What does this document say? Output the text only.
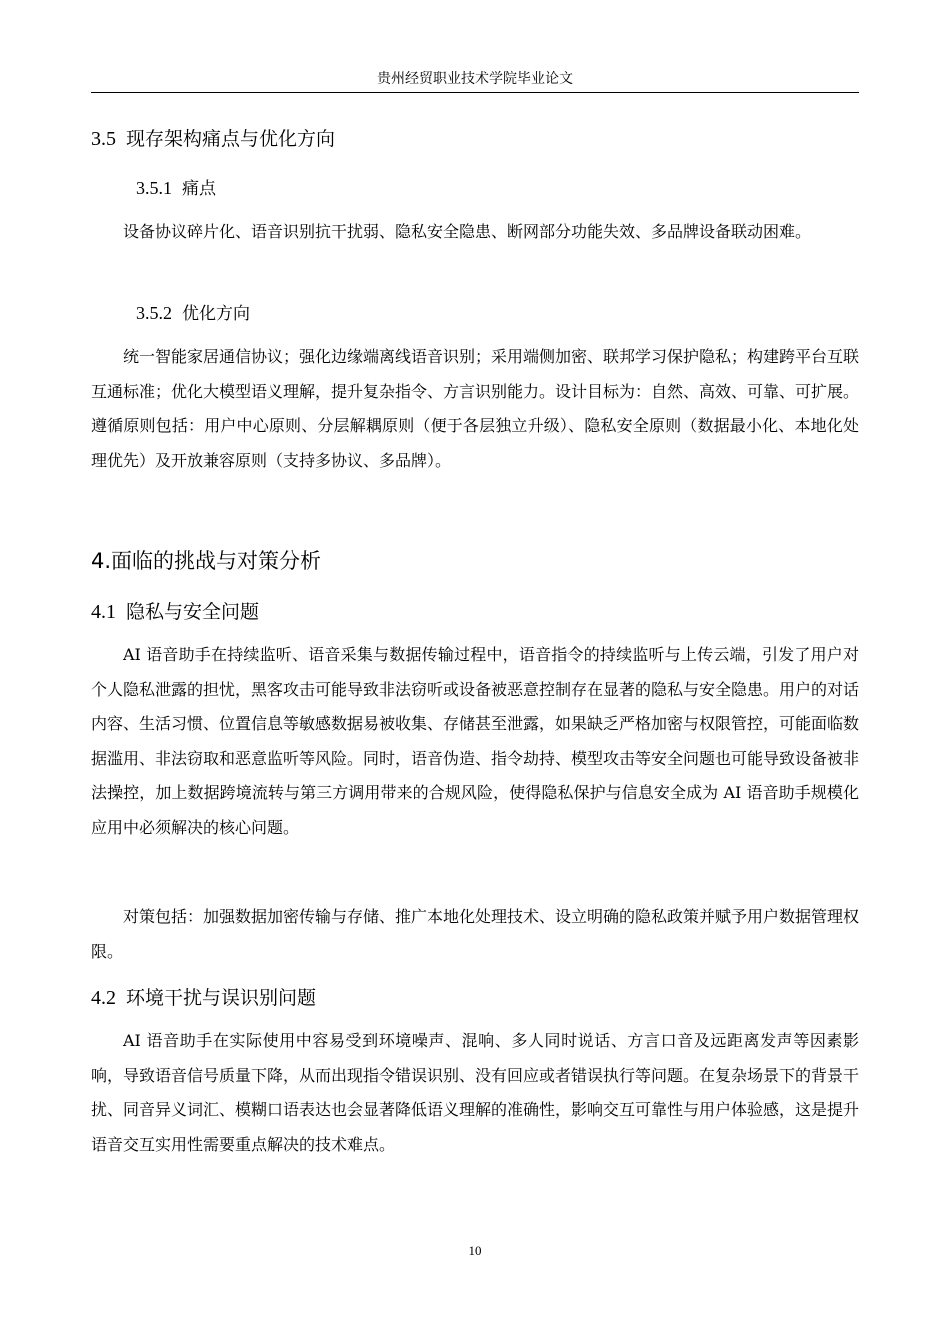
贵州经贸职业技术学院毕业论文
3.5 现存架构痛点与优化方向
3.5.1 痛点

设备协议碎片化、语音识别抗干扰弱、隐私安全隐患、断网部分功能失效、多品牌设备联动困难。

3.5.2 优化方向

统一智能家居通信协议；强化边缘端离线语音识别；采用端侧加密、联邦学习保护隐私；构建跨平台互联互通标准；优化大模型语义理解，提升复杂指令、方言识别能力。设计目标为：自然、高效、可靠、可扩展。遵循原则包括：用户中心原则、分层解耦原则（便于各层独立升级）、隐私安全原则（数据最小化、本地化处理优先）及开放兼容原则（支持多协议、多品牌）。

4.面临的挑战与对策分析
4.1 隐私与安全问题

AI 语音助手在持续监听、语音采集与数据传输过程中，语音指令的持续监听与上传云端，引发了用户对个人隐私泄露的担忧，黑客攻击可能导致非法窃听或设备被恶意控制存在显著的隐私与安全隐患。用户的对话内容、生活习惯、位置信息等敏感数据易被收集、存储甚至泄露，如果缺乏严格加密与权限管控，可能面临数据滥用、非法窃取和恶意监听等风险。同时，语音伪造、指令劫持、模型攻击等安全问题也可能导致设备被非法操控，加上数据跨境流转与第三方调用带来的合规风险，使得隐私保护与信息安全成为 AI 语音助手规模化应用中必须解决的核心问题。

对策包括：加强数据加密传输与存储、推广本地化处理技术、设立明确的隐私政策并赋予用户数据管理权限。

4.2 环境干扰与误识别问题

AI 语音助手在实际使用中容易受到环境噪声、混响、多人同时说话、方言口音及远距离发声等因素影响，导致语音信号质量下降，从而出现指令错误识别、没有回应或者错误执行等问题。在复杂场景下的背景干扰、同音异义词汇、模糊口语表达也会显著降低语义理解的准确性，影响交互可靠性与用户体验感，这是提升语音交互实用性需要重点解决的技术难点。

10
